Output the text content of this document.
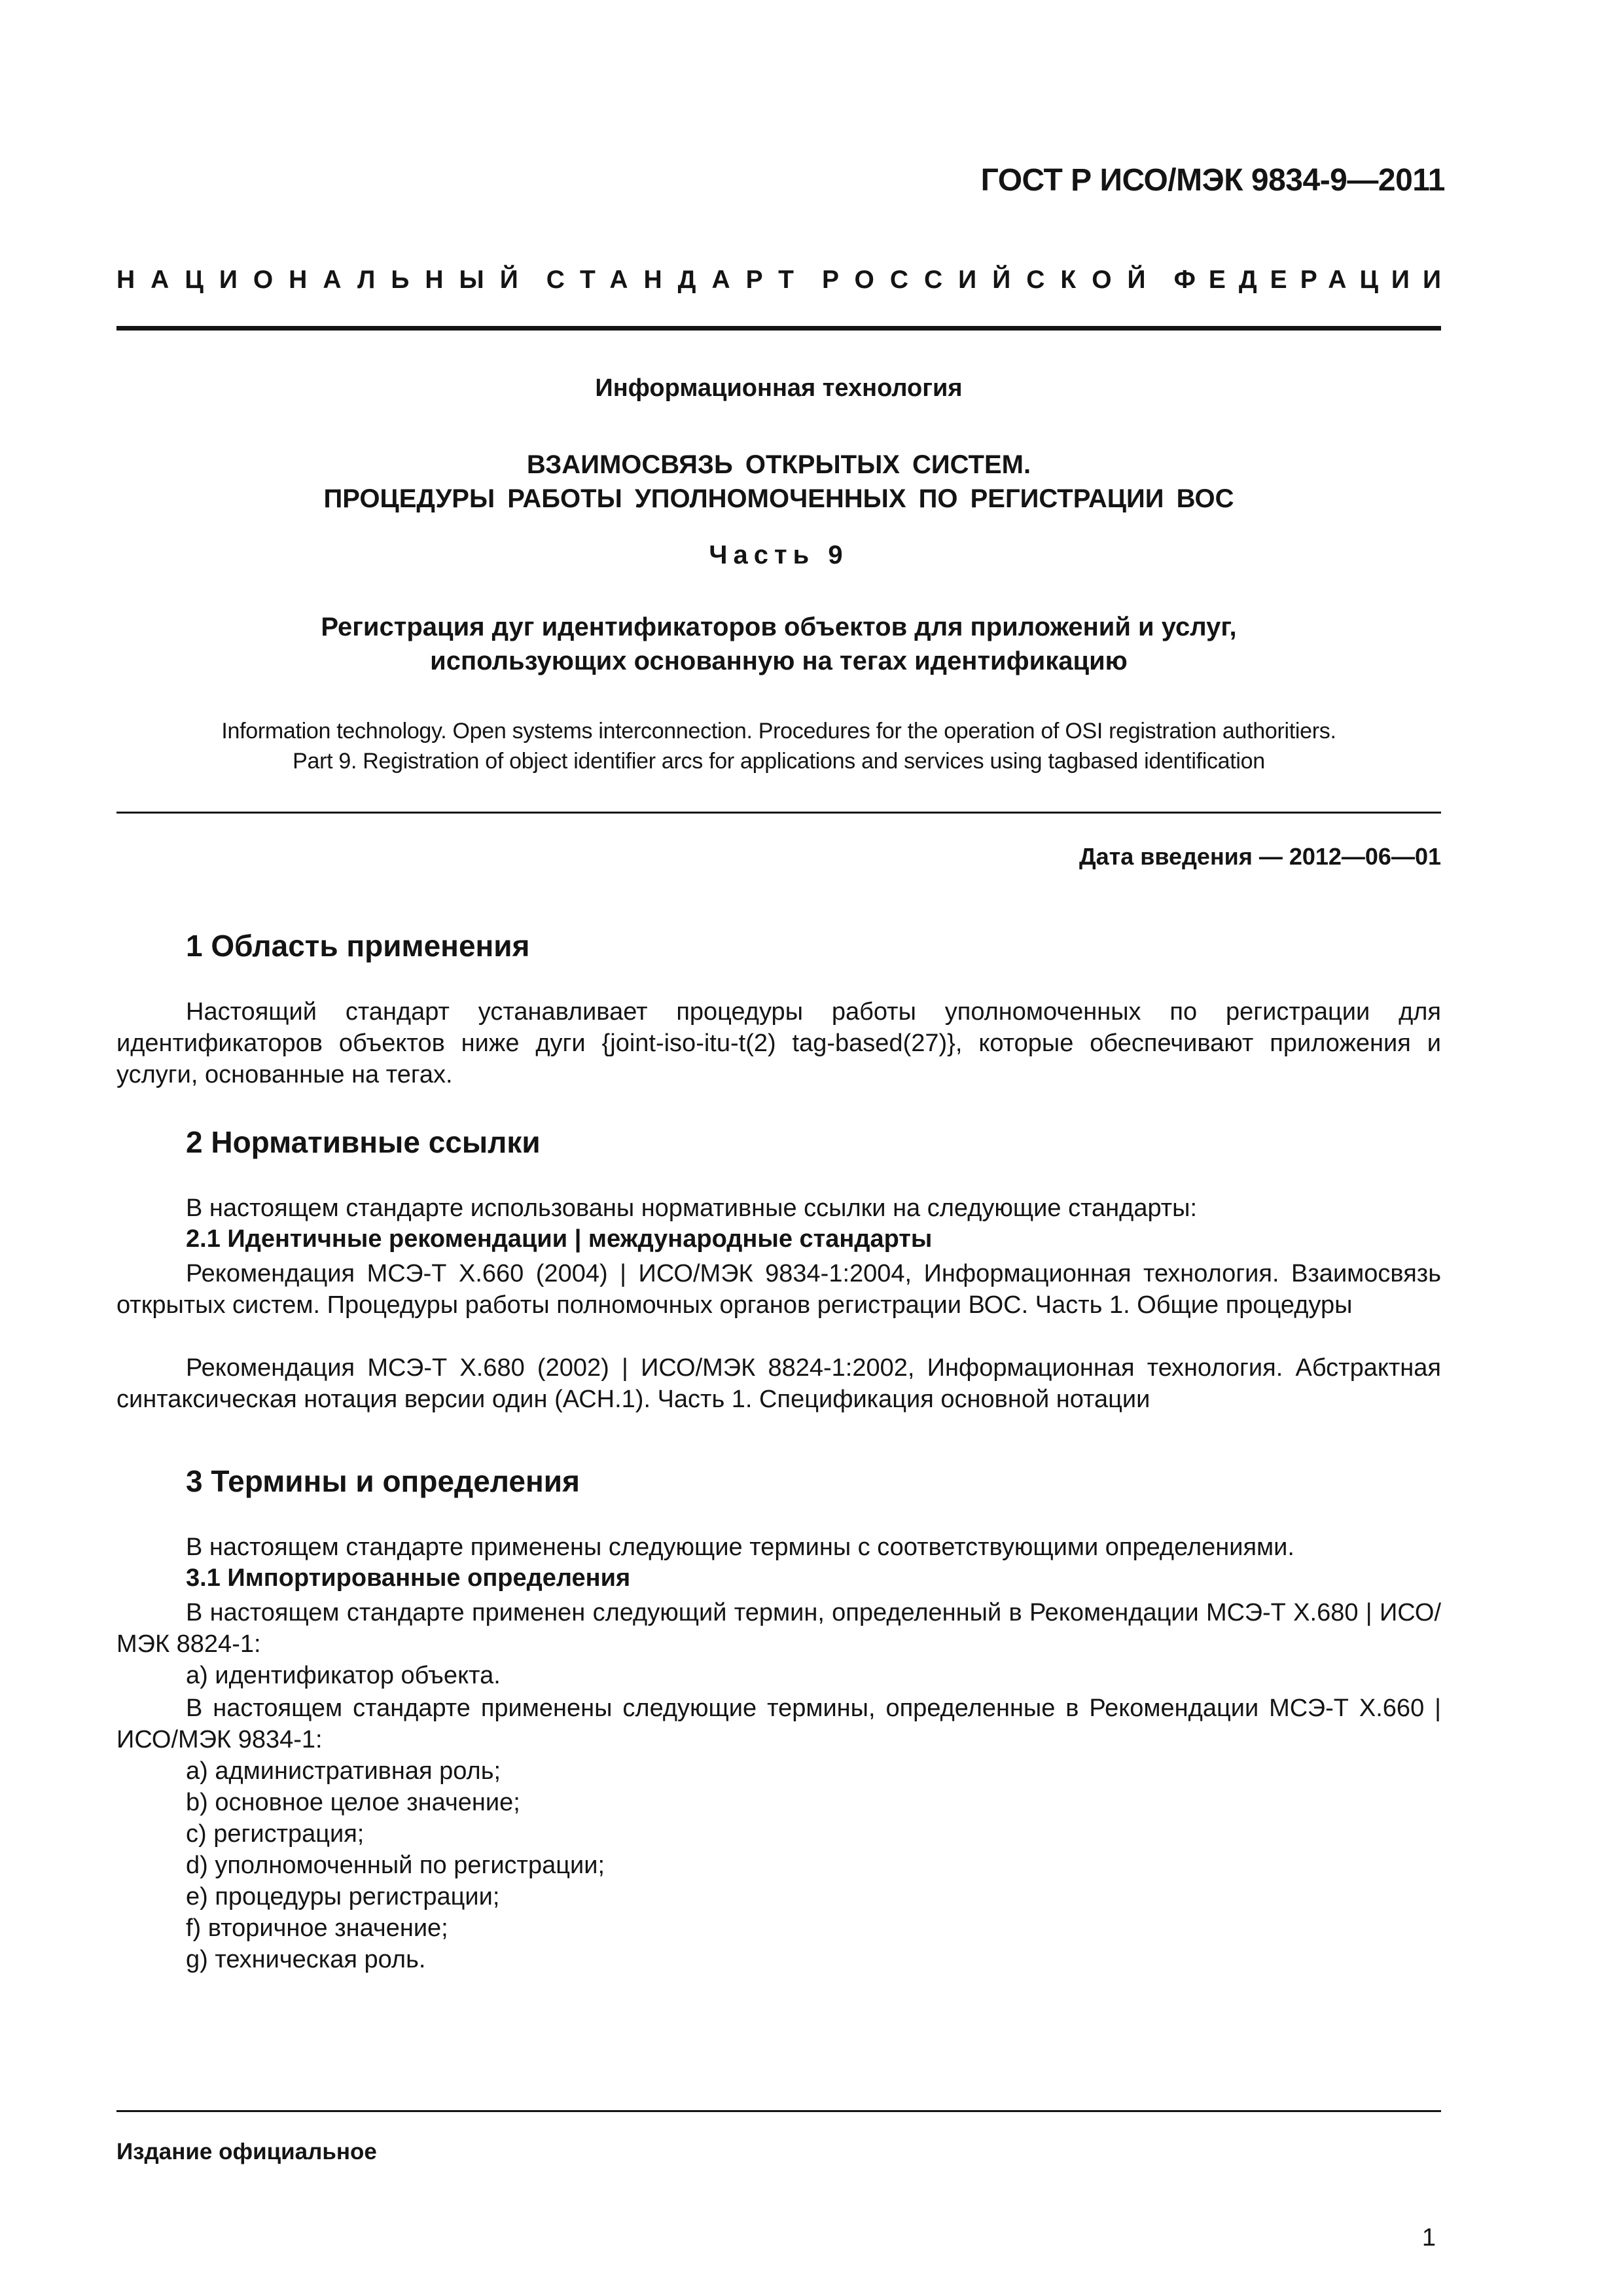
ГОСТ Р ИСО/МЭК 9834-9—2011
НАЦИОНАЛЬНЫЙ СТАНДАРТ РОССИЙСКОЙ ФЕДЕРАЦИИ
Информационная технология
ВЗАИМОСВЯЗЬ ОТКРЫТЫХ СИСТЕМ.
ПРОЦЕДУРЫ РАБОТЫ УПОЛНОМОЧЕННЫХ ПО РЕГИСТРАЦИИ ВОС
Часть 9
Регистрация дуг идентификаторов объектов для приложений и услуг,
использующих основанную на тегах идентификацию
Information technology. Open systems interconnection. Procedures for the operation of OSI registration authoritiers.
Part 9. Registration of object identifier arcs for applications and services using tagbased identification
Дата введения — 2012—06—01
1 Область применения
Настоящий стандарт устанавливает процедуры работы уполномоченных по регистрации для идентификаторов объектов ниже дуги {joint-iso-itu-t(2) tag-based(27)}, которые обеспечивают приложения и услуги, основанные на тегах.
2 Нормативные ссылки
В настоящем стандарте использованы нормативные ссылки на следующие стандарты:
2.1 Идентичные рекомендации | международные стандарты
Рекомендация МСЭ-Т X.660 (2004) | ИСО/МЭК 9834-1:2004, Информационная технология. Взаимосвязь открытых систем. Процедуры работы полномочных органов регистрации ВОС. Часть 1. Общие процедуры
Рекомендация МСЭ-Т X.680 (2002) | ИСО/МЭК 8824-1:2002, Информационная технология. Абстрактная синтаксическая нотация версии один (АСН.1). Часть 1. Спецификация основной нотации
3 Термины и определения
В настоящем стандарте применены следующие термины с соответствующими определениями.
3.1 Импортированные определения
В настоящем стандарте применен следующий термин, определенный в Рекомендации МСЭ-Т X.680 | ИСО/МЭК 8824-1:
a) идентификатор объекта.
В настоящем стандарте применены следующие термины, определенные в Рекомендации МСЭ-Т X.660 | ИСО/МЭК 9834-1:
a) административная роль;
b) основное целое значение;
c) регистрация;
d) уполномоченный по регистрации;
e) процедуры регистрации;
f) вторичное значение;
g) техническая роль.
Издание официальное
1
